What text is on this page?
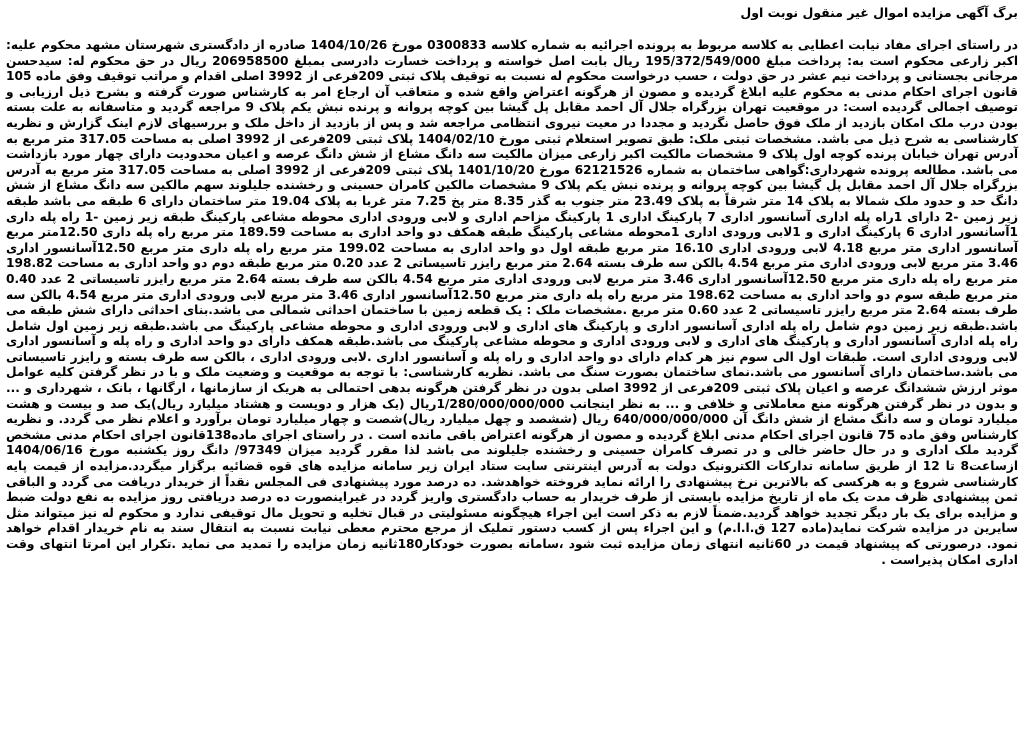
برگ آگهی مزایده اموال غیر منقول نوبت اول

در راستای اجرای مفاد نیابت اعطایی به کلاسه مربوط به پرونده اجرائیه به شماره کلاسه 0300833 مورخ 1404/10/26 صادره از دادگستری شهرستان مشهد محکوم علیه: اکبر زارعی محکوم است به: پرداخت مبلغ 195/372/549/000 ریال بابت اصل خواسته و پرداخت خسارت دادرسی بمبلغ 206958500 ریال در حق محکوم له: سیدحسن مرجانی بجستانی و پرداخت نیم عشر در حق دولت ، حسب درخواست محکوم له نسبت به توقیف پلاک ثبتی 209فرعی از 3992 اصلی اقدام و مراتب توقیف وفق ماده 105 قانون اجرای احکام مدنی به محکوم علیه ابلاغ گردیده و مصون از هرگونه اعتراض واقع شده و متعاقب آن ارجاع امر به کارشناس صورت گرفته و بشرح ذیل ارزیابی و توصیف اجمالی گردیده است: در موقعیت تهران بزرگراه جلال آل احمد مقابل پل گیشا بین کوچه پروانه و پرنده نبش یکم پلاک 9 مراجعه گردید و متاسفانه به علت بسته بودن درب ملک امکان بازدید از ملک فوق حاصل نگردید و مجددا در معیت نیروی انتظامی مراجعه شد و پس از بازدید از داخل ملک و بررسیهای لازم اینک گزارش و نظریه کارشناسی به شرح ذیل می باشد. مشخصات ثبتی ملک: طبق تصویر استعلام ثبتی مورخ 1404/02/10 پلاک ثبتی 209فرعی از 3992 اصلی به مساحت 317.05 متر مربع به آدرس تهران خیابان پرنده کوچه اول پلاک 9 مشخصات مالکیت اکبر زارعی میزان مالکیت سه دانگ مشاع از شش دانگ عرصه و اعیان محدودیت دارای چهار مورد بازداشت می باشد. مطالعه پرونده شهرداری:گواهی ساختمان به شماره 62121526 مورخ 1401/10/20 پلاک ثبتی 209فرعی از 3992 اصلی به مساحت 317.05 متر مربع به آدرس بزرگراه جلال آل احمد مقابل پل گیشا بین کوچه پروانه و پرنده نبش یکم پلاک 9 مشخصات مالکین کامران حسینی و رخشنده جلیلوند سهم مالکین سه دانگ مشاع از شش دانگ حد و حدود ملک شمالا به پلاک 14 متر شرقاً به پلاک 23.49 متر جنوب به گذر 8.35 متر پخ 7.25 متر غربا به پلاک 19.04 متر ساختمان دارای 6 طبقه می باشد طبقه زیر زمین -2 دارای 1راه پله اداری آسانسور اداری 7 پارکینگ اداری 1 پارکینگ مزاحم اداری و لابی ورودی اداری محوطه مشاعی پارکینگ طبقه زیر زمین -1 راه پله داری 1آسانسور اداری 6 پارکینگ اداری و 1لابی ورودی اداری 1محوطه مشاعی پارکینگ طبقه همکف دو واحد اداری به مساحت 189.59 متر مربع راه پله داری 12.50متر مربع آسانسور اداری متر مربع 4.18 لابی ورودی اداری 16.10 متر مربع طبقه اول دو واحد اداری به مساحت 199.02 متر مربع راه پله داری متر مربع 12.50آسانسور اداری 3.46 متر مربع لابی ورودی اداری متر مربع 4.54 بالکن سه طرف بسته 2.64 متر مربع رایزر تاسیساتی 2 عدد 0.20 متر مربع طبقه دوم دو واحد اداری به مساحت 198.82 متر مربع راه پله داری متر مربع 12.50آسانسور اداری 3.46 متر مربع لابی ورودی اداری متر مربع 4.54 بالکن سه طرف بسته 2.64 متر مربع رایزر تاسیساتی 2 عدد 0.40 متر مربع طبقه سوم دو واحد اداری به مساحت 198.62 متر مربع راه پله داری متر مربع 12.50آسانسور اداری 3.46 متر مربع لابی ورودی اداری متر مربع 4.54 بالکن سه طرف بسته 2.64 متر مربع رایزر تاسیساتی 2 عدد 0.60 متر مربع .مشخصات ملک : یک قطعه زمین با ساختمان احداثی شمالی می باشد.بنای احداثی دارای شش طبقه می باشد.طبقه زیر زمین دوم شامل راه پله اداری آسانسور اداری و پارکینگ های اداری و لابی ورودی اداری و محوطه مشاعی پارکینگ می باشد.طبقه زیر زمین اول شامل راه پله اداری آسانسور اداری و پارکینگ های اداری و لابی ورودی اداری و محوطه مشاعی پارکینگ می باشد.طبقه همکف دارای دو واحد اداری و راه پله و آسانسور اداری لابی ورودی اداری است. طبقات اول الی سوم نیز هر کدام دارای دو واحد اداری و راه پله و آسانسور اداری .لابی ورودی اداری ، بالکن سه طرف بسته و رایزر تاسیساتی می باشد.ساختمان دارای آسانسور می باشد.نمای ساختمان بصورت سنگ می باشد. نظریه کارشناسی: با توجه به موقعیت و وضعیت ملک و با در نظر گرفتن کلیه عوامل موثر ارزش ششدانگ عرصه و اعیان پلاک ثبتی 209فرعی از 3992 اصلی بدون در نظر گرفتن هرگونه بدهی احتمالی به هریک از سازمانها ، ارگانها ، بانک ، شهرداری و ... و بدون در نظر گرفتن هرگونه منع معاملاتی و خلافی و ... به نظر اینجانب 1/280/000/000/000ریال (یک هزار و دویست و هشتاد میلیارد ریال)یک صد و بیست و هشت میلیارد تومان و سه دانگ مشاع از شش دانگ آن 640/000/000/000 ریال (ششصد و چهل میلیارد ریال)شصت و چهار میلیارد تومان برآورد و اعلام نظر می گردد. و نظریه کارشناس وفق ماده 75 قانون اجرای احکام مدنی ابلاغ گردیده و مصون از هرگونه اعتراض باقی مانده است . در راستای اجرای ماده138قانون اجرای احکام مدنی مشخص گردید ملک اداری و در حال حاضر خالی و در تصرف کامران حسینی و رخشنده جلیلوند می باشد لذا مقرر گردید میزان 97349/ دانگ روز یکشنبه مورخ 1404/06/16 ازساعت8 تا 12 از طریق سامانه تدارکات الکترونیک دولت به آدرس اینترنتی سایت ستاد ایران زیر سامانه مزایده های قوه قضائیه برگزار میگردد.مزایده از قیمت پایه کارشناسی شروع و به هرکسی که بالاترین نرخ پیشنهادی را ارائه نماید فروخته خواهدشد. ده درصد مورد پیشنهادی فی المجلس نقداً از خریدار دریافت می گردد و الباقی ثمن پیشنهادی ظرف مدت یک ماه از تاریخ مزایده بایستی از طرف خریدار به حساب دادگستری واریز گردد در غیراینصورت ده درصد دریافتی روز مزایده به نفع دولت ضبط و مزایده برای یک بار دیگر تجدید خواهد گردید.ضمناً لازم به ذکر است این اجراء هیچگونه مسئولیتی در قبال تخلیه و تحویل مال توقیفی ندارد و محکوم له نیز میتواند مثل سایرین در مزایده شرکت نماید(ماده 127 ق.ا.ا.م) و این اجراء پس از کسب دستور تملیک از مرجع محترم معطی نیابت نسبت به انتقال سند به نام خریدار اقدام خواهد نمود. درصورتی که پیشنهاد قیمت در 60ثانیه انتهای زمان مزایده ثبت شود ،سامانه بصورت خودکار180ثانیه زمان مزایده را تمدید می نماید .تکرار این امرتا انتهای وقت اداری امکان پذیراست .
